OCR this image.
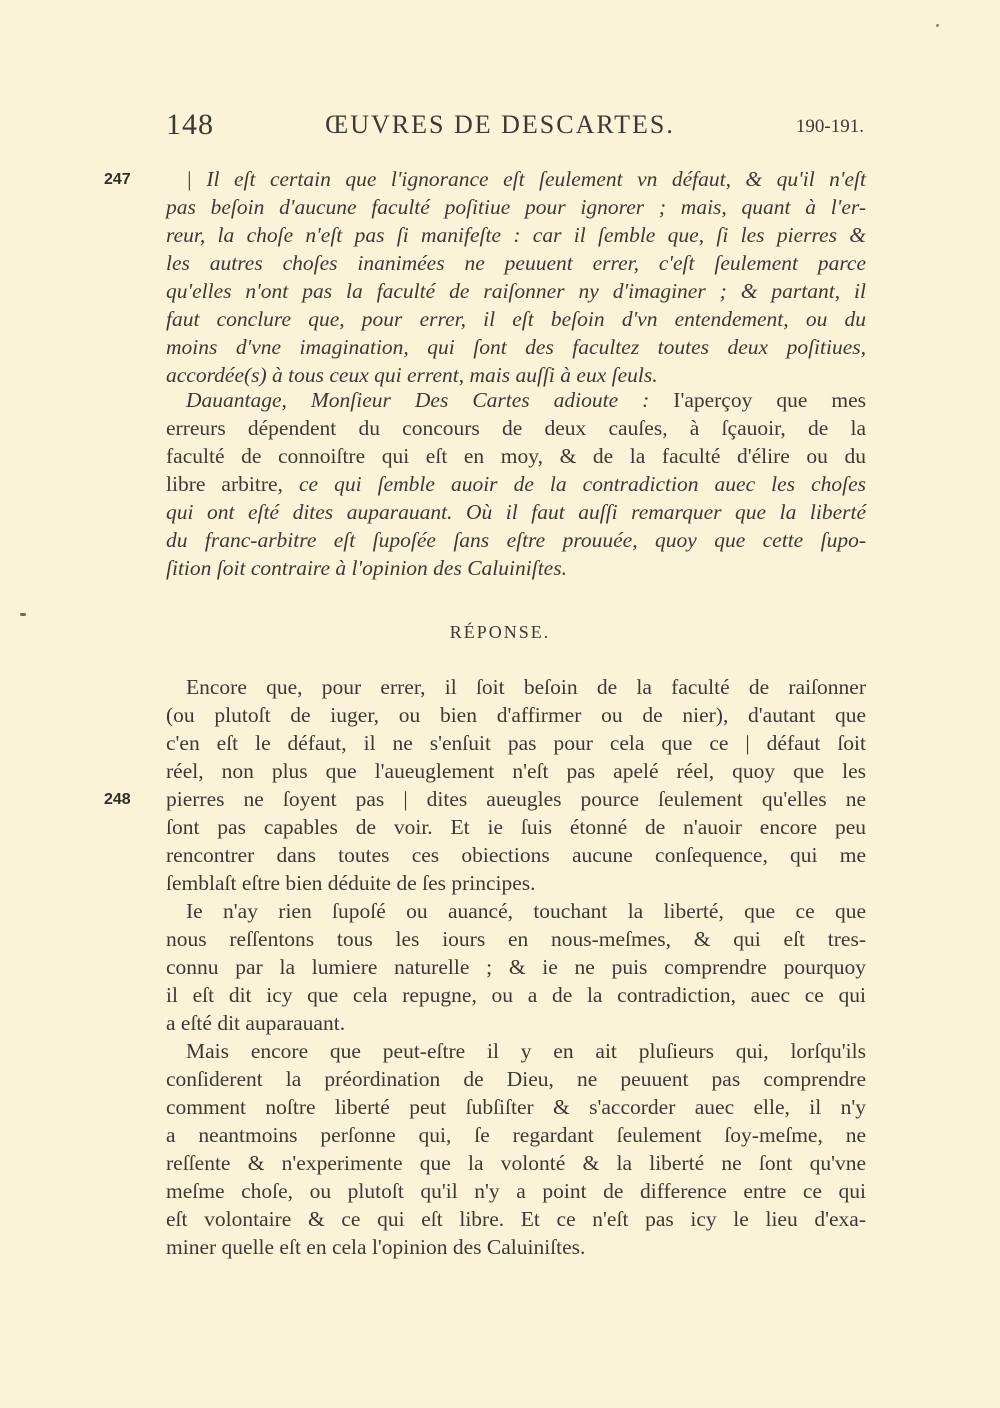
148	ŒUVRES DE DESCARTES.	190-191.
247
248
| Il eſt certain que l'ignorance eſt ſeulement vn défaut, & qu'il n'eſt
pas beſoin d'aucune faculté poſitiue pour ignorer ; mais, quant à l'er-
reur, la choſe n'eſt pas ſi manifeſte : car il ſemble que, ſi les pierres &
les autres choſes inanimées ne peuuent errer, c'eſt ſeulement parce
qu'elles n'ont pas la faculté de raiſonner ny d'imaginer ; & partant, il
faut conclure que, pour errer, il eſt beſoin d'vn entendement, ou du
moins d'vne imagination, qui ſont des facultez toutes deux poſitiues,
accordée(s) à tous ceux qui errent, mais auſſi à eux ſeuls.
Dauantage, Monſieur Des Cartes adioute : I'aperçoy que mes
erreurs dépendent du concours de deux cauſes, à ſçauoir, de la
faculté de connoiſtre qui eſt en moy, & de la faculté d'élire ou du
libre arbitre, ce qui ſemble auoir de la contradiction auec les choſes
qui ont eſté dites auparauant. Où il faut auſſi remarquer que la liberté
du franc-arbitre eſt ſupoſée ſans eſtre prouuée, quoy que cette ſupo-
ſition ſoit contraire à l'opinion des Caluiniſtes.
RÉPONSE.
Encore que, pour errer, il ſoit beſoin de la faculté de raiſonner
(ou plutoſt de iuger, ou bien d'affirmer ou de nier), d'autant que
c'en eſt le défaut, il ne s'enſuit pas pour cela que ce | défaut ſoit
réel, non plus que l'aueuglement n'eſt pas apelé réel, quoy que les
pierres ne ſoyent pas | dites aueugles pource ſeulement qu'elles ne
ſont pas capables de voir. Et ie ſuis étonné de n'auoir encore peu
rencontrer dans toutes ces obiections aucune conſequence, qui me
ſemblaſt eſtre bien déduite de ſes principes.
Ie n'ay rien ſupoſé ou auancé, touchant la liberté, que ce que
nous reſſentons tous les iours en nous-meſmes, & qui eſt tres-
connu par la lumiere naturelle ; & ie ne puis comprendre pourquoy
il eſt dit icy que cela repugne, ou a de la contradiction, auec ce qui
a eſté dit auparauant.
Mais encore que peut-eſtre il y en ait pluſieurs qui, lorſqu'ils
conſiderent la préordination de Dieu, ne peuuent pas comprendre
comment noſtre liberté peut ſubſiſter & s'accorder auec elle, il n'y
a neantmoins perſonne qui, ſe regardant ſeulement ſoy-meſme, ne
reſſente & n'experimente que la volonté & la liberté ne ſont qu'vne
meſme choſe, ou plutoſt qu'il n'y a point de difference entre ce qui
eſt volontaire & ce qui eſt libre. Et ce n'eſt pas icy le lieu d'exa-
miner quelle eſt en cela l'opinion des Caluiniſtes.
